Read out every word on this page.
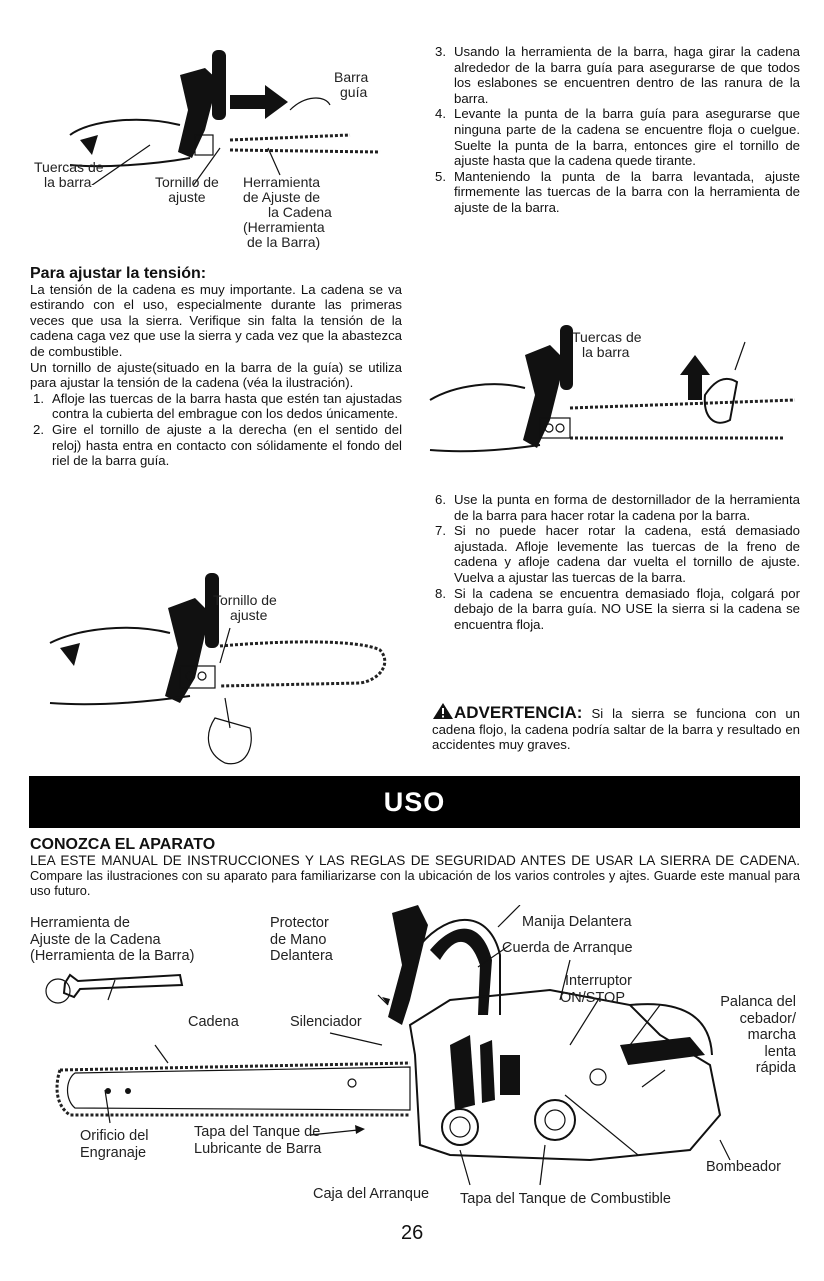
Barra
guía
Tuercas de
la barra	Tornillo de
ajuste
Herramienta
de Ajuste de
la Cadena
(Herramienta
de la Barra)
Para ajustar la tensión:

La tensión de la cadena es muy importante. La cadena se va estirando con el uso, especialmente durante las primeras veces que usa la sierra. Verifique sin falta la tensión de la cadena caga vez que use la sierra y cada vez que la abastezca de combustible.

Un tornillo de ajuste(situado en la barra de la guía) se utiliza para ajustar la tensión de la cadena (véa la ilustración).

1. Afloje las tuercas de la barra hasta que estén tan ajustadas contra la cubierta del embrague con los dedos únicamente.
2. Gire el tornillo de ajuste a la derecha (en el sentido del reloj) hasta entra en contacto con sólidamente el fondo del riel de la barra guía.
Tornillo de
ajuste
3. Usando la herramienta de la barra, haga girar la cadena alrededor de la barra guía para asegurarse de que todos los eslabones se encuentren dentro de las ranura de la barra.
4. Levante la punta de la barra guía para asegurarse que ninguna parte de la cadena se encuentre floja o cuelgue. Suelte la punta de la barra, entonces gire el tornillo de ajuste hasta que la cadena quede tirante.
5. Manteniendo la punta de la barra levantada, ajuste firmemente las tuercas de la barra con la herramienta de ajuste de la barra.
Tuercas de
la barra
6. Use la punta en forma de destornillador de la herramienta de la barra para hacer rotar la cadena por la barra.
7. Si no puede hacer rotar la cadena, está demasiado ajustada. Afloje levemente las tuercas de la freno de cadena y afloje cadena dar vuelta el tornillo de ajuste. Vuelva a ajustar las tuercas de la barra.
8. Si la cadena se encuentra demasiado floja, colgará por debajo de la barra guía. NO USE la sierra si la cadena se encuentra floja.

ADVERTENCIA: Si la sierra se funciona con un cadena flojo, la cadena podría saltar de la barra y resultado en accidentes muy graves.

USO
CONOZCA EL APARATO

LEA ESTE MANUAL DE INSTRUCCIONES Y LAS REGLAS DE SEGURIDAD ANTES DE USAR LA SIERRA DE CADENA. Compare las ilustraciones con su aparato para familiarizarse con la ubicación de los varios controles y ajtes. Guarde este manual para uso futuro.

Herramienta de
Ajuste de la Cadena
(Herramienta de la Barra)
Protector
de Mano
Delantera
Manija Delantera
Cuerda de Arranque
Interruptor
ON/STOP	Palanca del
cebador/
marcha
lenta
rápida
Cadena	Silenciador
Orificio del
Engranaje
Tapa del Tanque de
Lubricante de Barra
Bombeador
Caja del Arranque Tapa del Tanque de Combustible
26
